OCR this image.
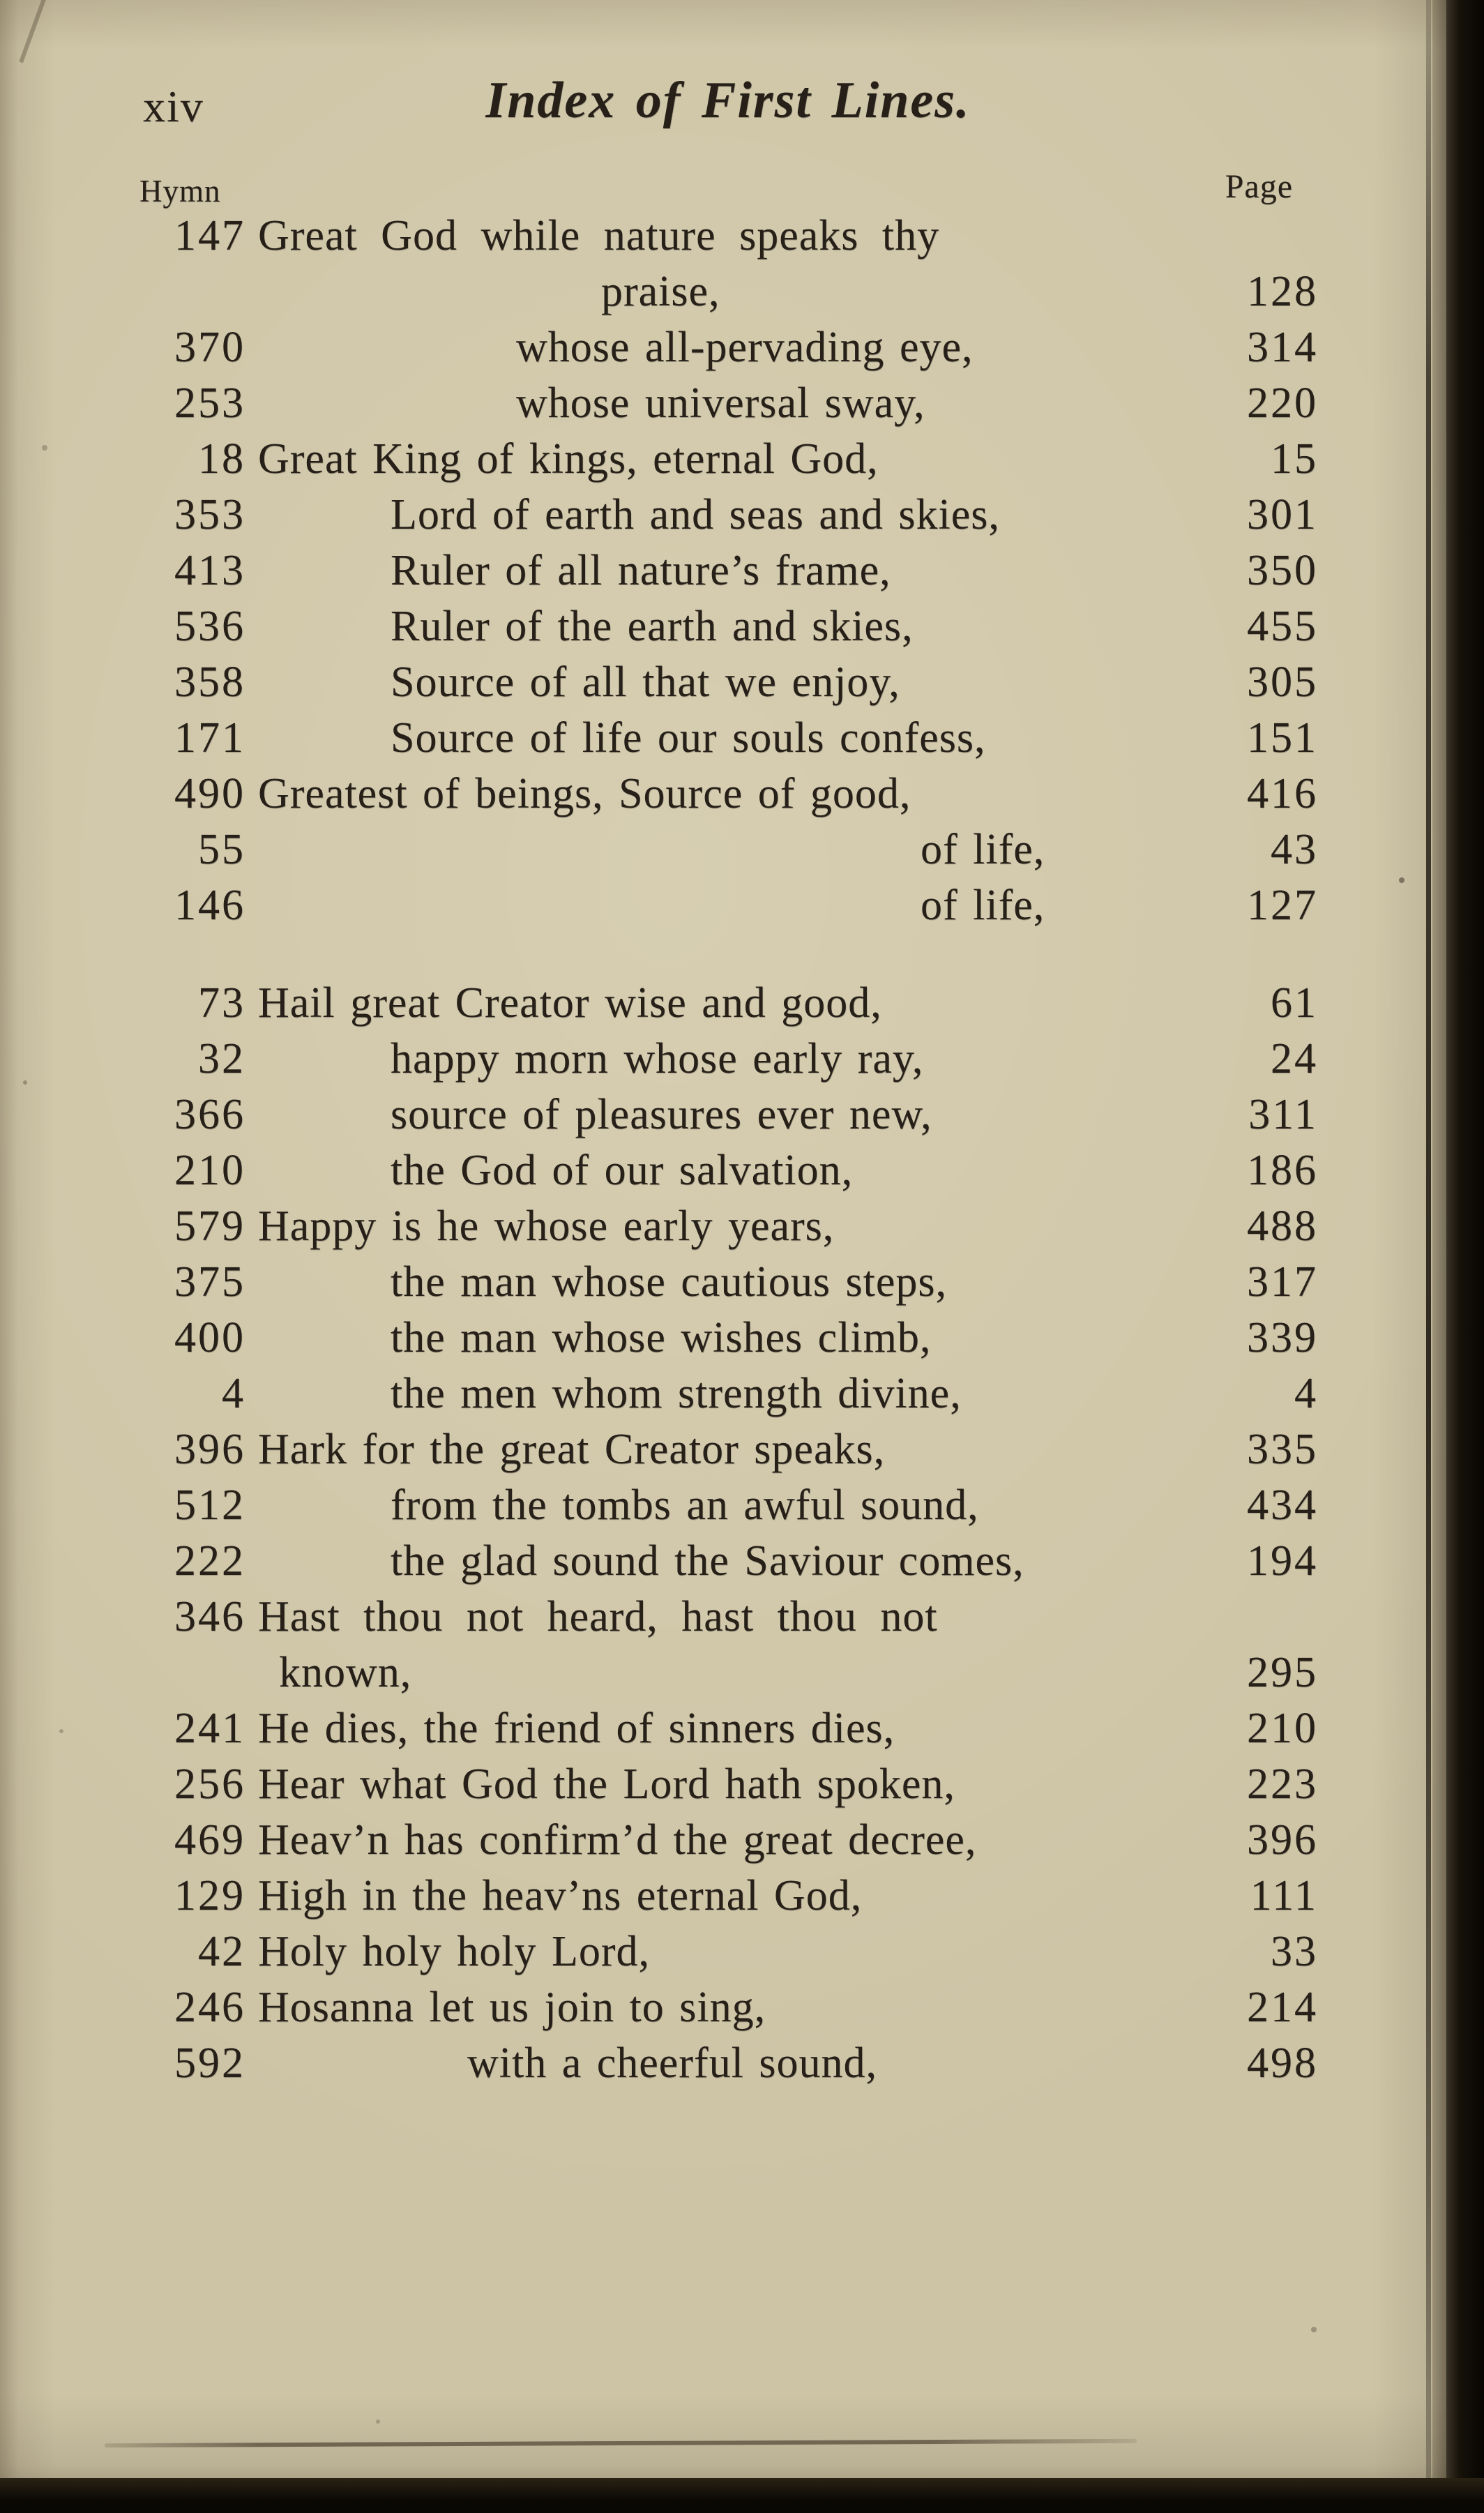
xiv	Index of First Lines.
Hymn	Page
147 Great God while nature speaks thy
praise,	128
370	whose all-pervading eye,	314
253	whose universal sway,	220
18 Great King of kings, eternal God,	15
353	Lord of earth and seas and skies,	301
413	Ruler of all nature’s frame,	350
536	Ruler of the earth and skies,	455
358	Source of all that we enjoy,	305
171	Source of life our souls confess,	151
490 Greatest of beings, Source of good,	416
55	of life,	43
146	of life,	127
73 Hail great Creator wise and good,	61
32	happy morn whose early ray,	24
366	source of pleasures ever new,	311
210	the God of our salvation,	186
579 Happy is he whose early years,	488
375	the man whose cautious steps,	317
400	the man whose wishes climb,	339
4	the men whom strength divine,	4
396 Hark for the great Creator speaks,	335
512	from the tombs an awful sound,	434
222	the glad sound the Saviour comes,	194
346 Hast thou not heard, hast thou not
known,	295
241 He dies, the friend of sinners dies,	210
256 Hear what God the Lord hath spoken,	223
469 Heav’n has confirm’d the great decree,	396
129 High in the heav’ns eternal God,	111
42 Holy holy holy Lord,	33
246 Hosanna let us join to sing,	214
592	with a cheerful sound,	498
